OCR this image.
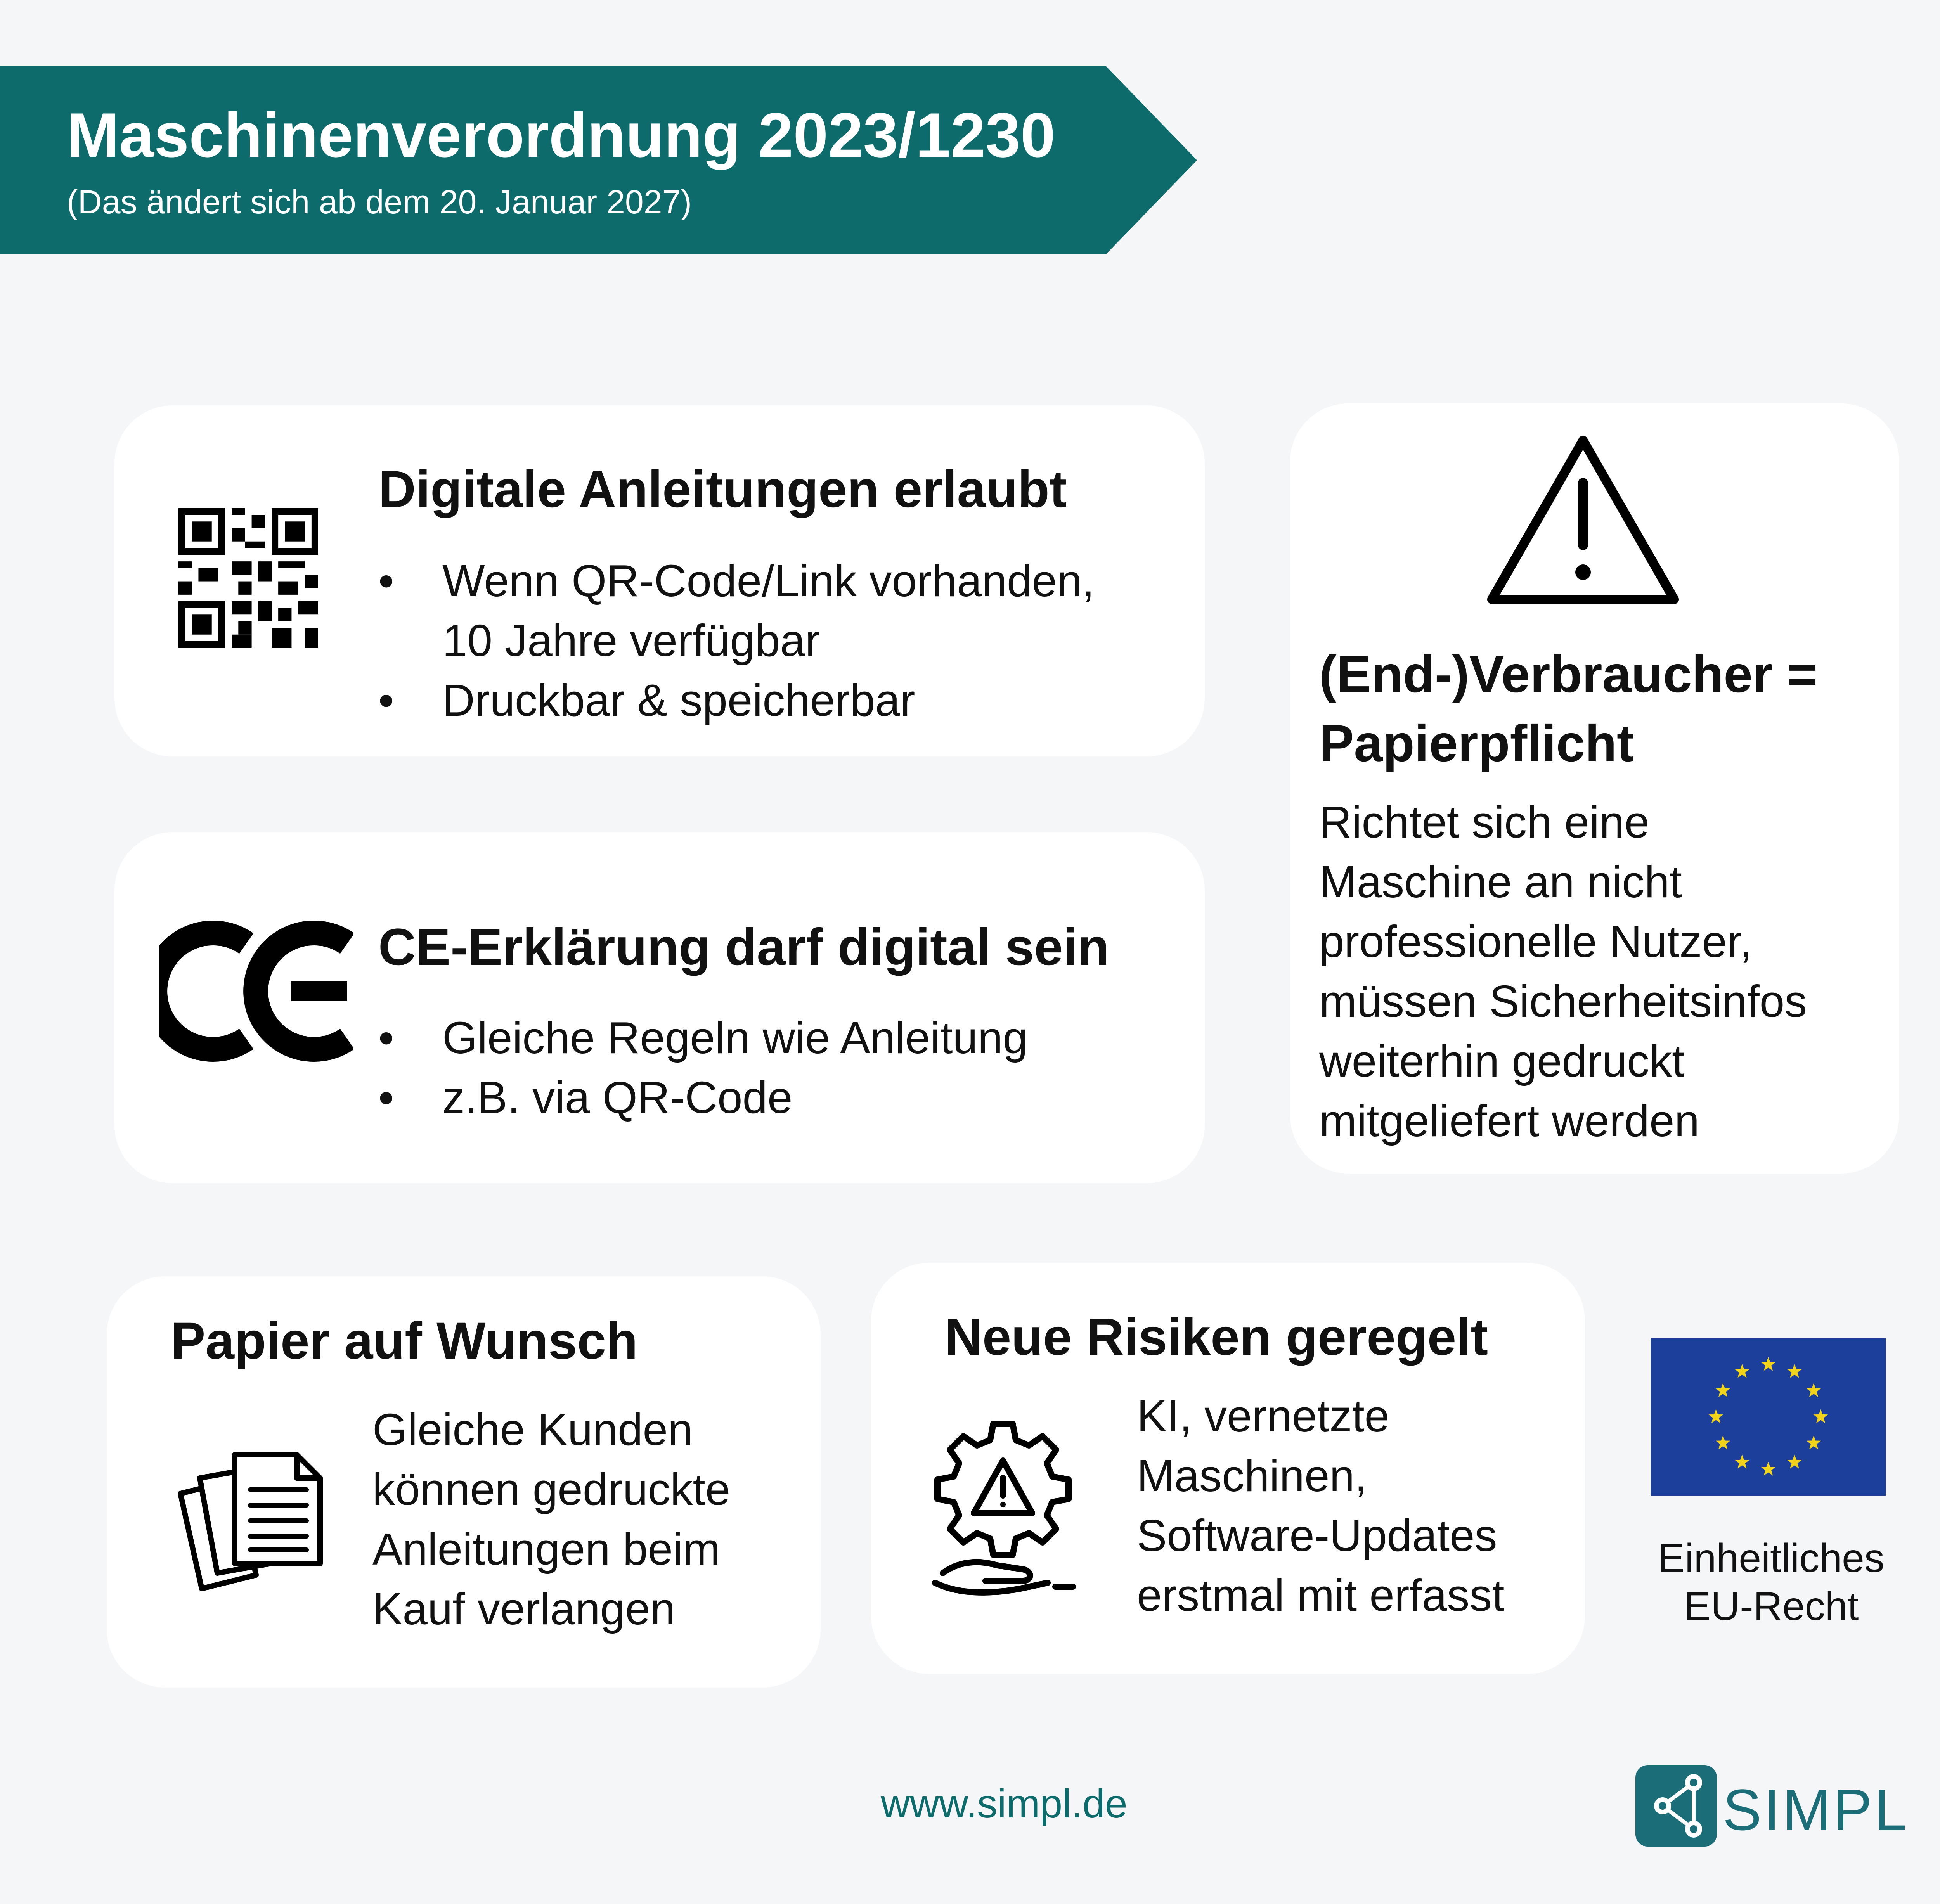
Maschinenverordnung 2023/1230
(Das ändert sich ab dem 20. Januar 2027)
Digitale Anleitungen erlaubt
• Wenn QR-Code/Link vorhanden,
10 Jahre verfügbar
• Druckbar & speicherbar
CE-Erklärung darf digital sein
• Gleiche Regeln wie Anleitung
• z.B. via QR-Code
(End-)Verbraucher =
Papierpflicht
Richtet sich eine
Maschine an nicht
professionelle Nutzer,
müssen Sicherheitsinfos
weiterhin gedruckt
mitgeliefert werden
Papier auf Wunsch
Gleiche Kunden
können gedruckte
Anleitungen beim
Kauf verlangen
Neue Risiken geregelt
KI, vernetzte
Maschinen,
Software-Updates
erstmal mit erfasst
Einheitliches
EU-Recht
www.simpl.de	SIMPL
